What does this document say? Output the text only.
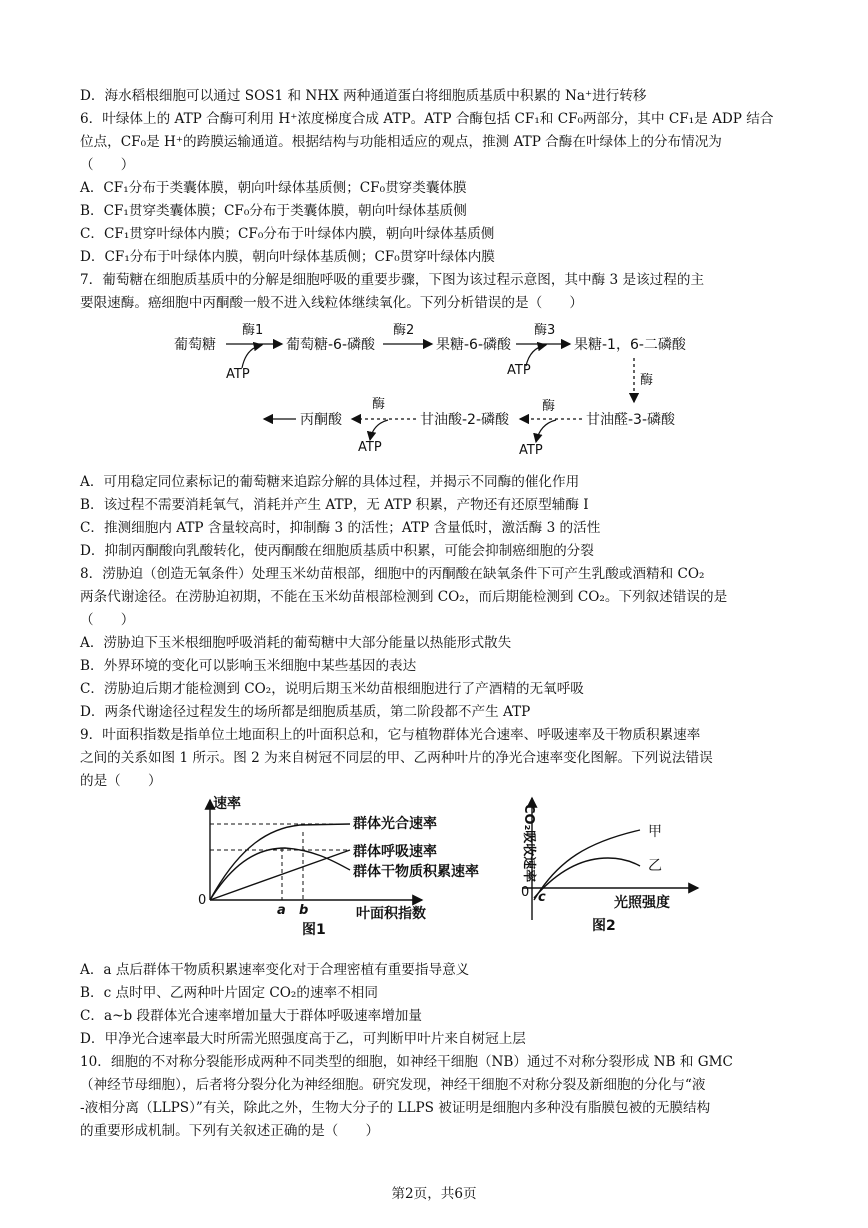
D．海水稻根细胞可以通过 SOS1 和 NHX 两种通道蛋白将细胞质基质中积累的 Na⁺进行转移
6．叶绿体上的 ATP 合酶可利用 H⁺浓度梯度合成 ATP。ATP 合酶包括 CF₁和 CF₀两部分，其中 CF₁是 ADP 结合
位点，CF₀是 H⁺的跨膜运输通道。根据结构与功能相适应的观点，推测 ATP 合酶在叶绿体上的分布情况为
（　　）
A．CF₁分布于类囊体膜，朝向叶绿体基质侧；CF₀贯穿类囊体膜
B．CF₁贯穿类囊体膜；CF₀分布于类囊体膜，朝向叶绿体基质侧
C．CF₁贯穿叶绿体内膜；CF₀分布于叶绿体内膜，朝向叶绿体基质侧
D．CF₁分布于叶绿体内膜，朝向叶绿体基质侧；CF₀贯穿叶绿体内膜
7．葡萄糖在细胞质基质中的分解是细胞呼吸的重要步骤，下图为该过程示意图，其中酶 3 是该过程的主
要限速酶。癌细胞中丙酮酸一般不进入线粒体继续氧化。下列分析错误的是（　　）
葡萄糖
酶1
ATP
葡萄糖-6-磷酸
酶2
果糖-6-磷酸
酶3
ATP
果糖-1，6-二磷酸
酶
甘油醛-3-磷酸
酶
ATP
甘油酸-2-磷酸
酶
ATP
丙酮酸
A．可用稳定同位素标记的葡萄糖来追踪分解的具体过程，并揭示不同酶的催化作用
B．该过程不需要消耗氧气，消耗并产生 ATP，无 ATP 积累，产物还有还原型辅酶 I
C．推测细胞内 ATP 含量较高时，抑制酶 3 的活性；ATP 含量低时，激活酶 3 的活性
D．抑制丙酮酸向乳酸转化，使丙酮酸在细胞质基质中积累，可能会抑制癌细胞的分裂
8．涝胁迫（创造无氧条件）处理玉米幼苗根部，细胞中的丙酮酸在缺氧条件下可产生乳酸或酒精和 CO₂
两条代谢途径。在涝胁迫初期，不能在玉米幼苗根部检测到 CO₂，而后期能检测到 CO₂。下列叙述错误的是
（　　）
A．涝胁迫下玉米根细胞呼吸消耗的葡萄糖中大部分能量以热能形式散失
B．外界环境的变化可以影响玉米细胞中某些基因的表达
C．涝胁迫后期才能检测到 CO₂，说明后期玉米幼苗根细胞进行了产酒精的无氧呼吸
D．两条代谢途径过程发生的场所都是细胞质基质，第二阶段都不产生 ATP
9．叶面积指数是指单位土地面积上的叶面积总和，它与植物群体光合速率、呼吸速率及干物质积累速率
之间的关系如图 1 所示。图 2 为来自树冠不同层的甲、乙两种叶片的净光合速率变化图解。下列说法错误
的是（　　）
速率
0
叶面积指数
a b
群体光合速率
群体呼吸速率
群体干物质积累速率
图1
CO₂吸收速率
0
光照强度
甲
乙
c
图2
A．a 点后群体干物质积累速率变化对于合理密植有重要指导意义
B．c 点时甲、乙两种叶片固定 CO₂的速率不相同
C．a~b 段群体光合速率增加量大于群体呼吸速率增加量
D．甲净光合速率最大时所需光照强度高于乙，可判断甲叶片来自树冠上层
10．细胞的不对称分裂能形成两种不同类型的细胞，如神经干细胞（NB）通过不对称分裂形成 NB 和 GMC
（神经节母细胞），后者将分裂分化为神经细胞。研究发现，神经干细胞不对称分裂及新细胞的分化与“液
-液相分离（LLPS）”有关，除此之外，生物大分子的 LLPS 被证明是细胞内多种没有脂膜包被的无膜结构
的重要形成机制。下列有关叙述正确的是（　　）
第2页，共6页
